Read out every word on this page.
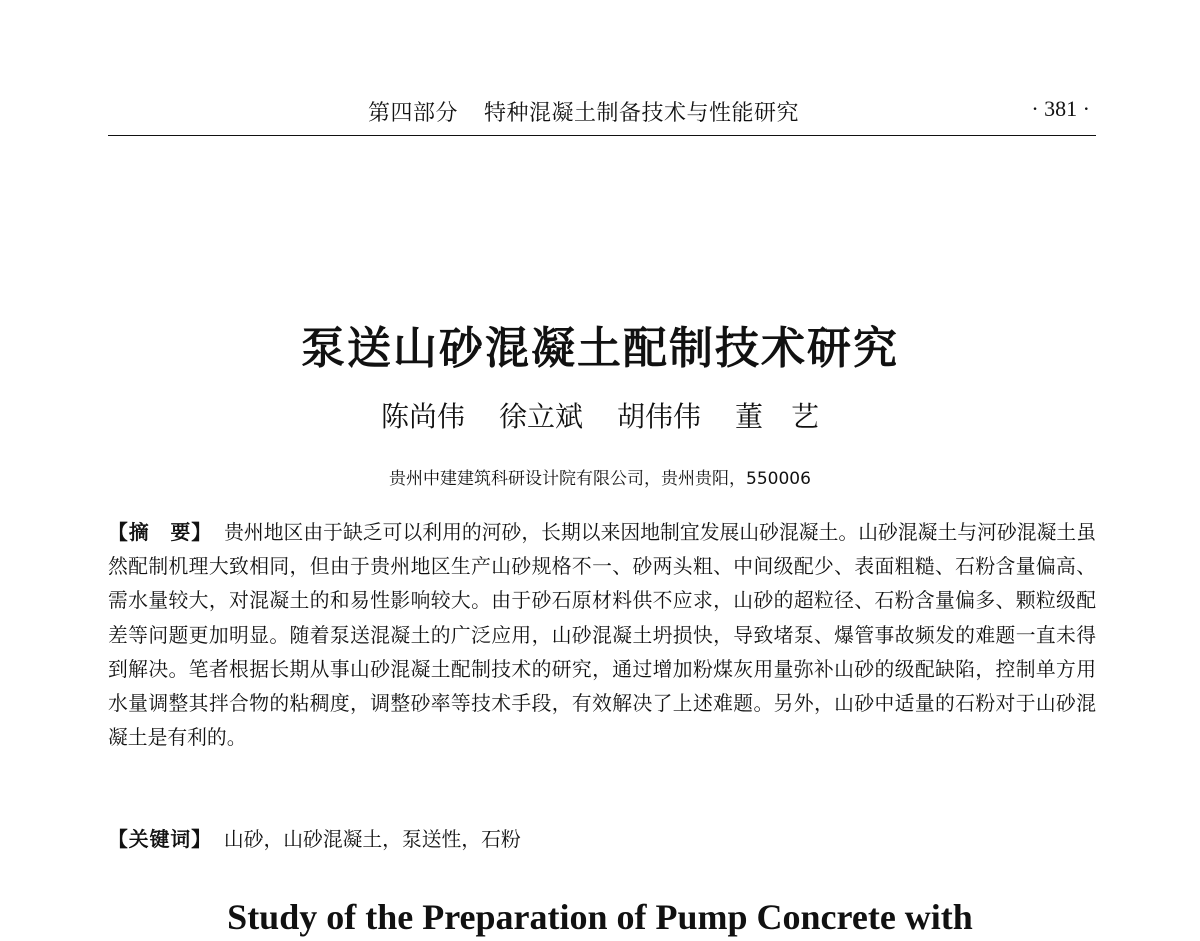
第四部分 特种混凝土制备技术与性能研究	· 381 ·
泵送山砂混凝土配制技术研究
陈尚伟 徐立斌 胡伟伟 董　艺
贵州中建建筑科研设计院有限公司，贵州贵阳，550006
【摘　要】 贵州地区由于缺乏可以利用的河砂，长期以来因地制宜发展山砂混凝土。山砂混凝土与河砂混凝土虽然配制机理大致相同，但由于贵州地区生产山砂规格不一、砂两头粗、中间级配少、表面粗糙、石粉含量偏高、需水量较大，对混凝土的和易性影响较大。由于砂石原材料供不应求，山砂的超粒径、石粉含量偏多、颗粒级配差等问题更加明显。随着泵送混凝土的广泛应用，山砂混凝土坍损快，导致堵泵、爆管事故频发的难题一直未得到解决。笔者根据长期从事山砂混凝土配制技术的研究，通过增加粉煤灰用量弥补山砂的级配缺陷，控制单方用水量调整其拌合物的粘稠度，调整砂率等技术手段，有效解决了上述难题。另外，山砂中适量的石粉对于山砂混凝土是有利的。
【关键词】 山砂，山砂混凝土，泵送性，石粉
Study of the Preparation of Pump Concrete with
